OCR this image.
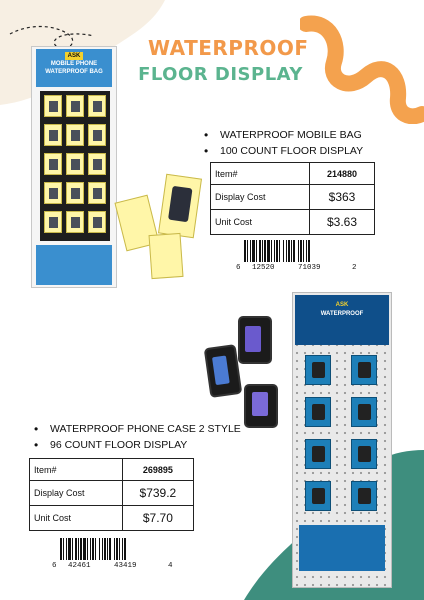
WATERPROOF
FLOOR DISPLAY
ASK
MOBILE PHONE WATERPROOF BAG
• WATERPROOF MOBILE BAG
• 100 COUNT FLOOR DISPLAY
Item#	214880
Display Cost	$363
Unit Cost	$3.63
6 12520	71039	2
ASK
WATERPROOF
• WATERPROOF PHONE CASE 2 STYLE
• 96 COUNT FLOOR DISPLAY
Item#	269895
Display Cost	$739.2
Unit Cost	$7.70
6 42461	43419	4
